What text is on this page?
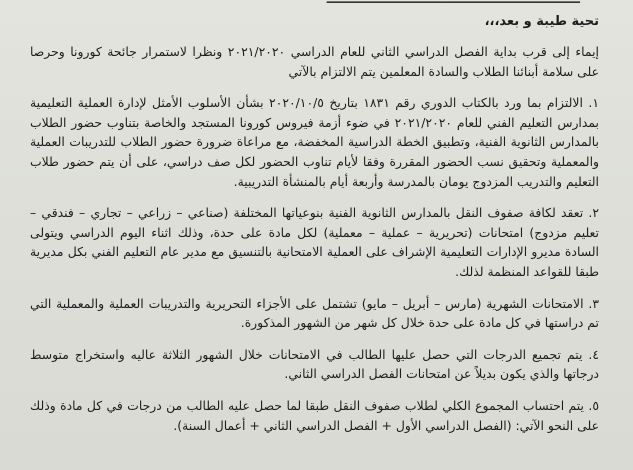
تحية طيبة و بعد،،،

إيماء إلى قرب بداية الفصل الدراسي الثاني للعام الدراسي ٢٠٢١/٢٠٢٠ ونظرا لاستمرار جائحة كورونا وحرصا على سلامة أبنائنا الطلاب والسادة المعلمين يتم الالتزام بالآتي

١. الالتزام بما ورد بالكتاب الدوري رقم ١٨٣١ بتاريخ ٢٠٢٠/١٠/٥ بشأن الأسلوب الأمثل لإدارة العملية التعليمية بمدارس التعليم الفني للعام ٢٠٢١/٢٠٢٠ في ضوء أزمة فيروس كورونا المستجد والخاصة بتناوب حضور الطلاب بالمدارس الثانوية الفنية، وتطبيق الخطة الدراسية المخفضة، مع مراعاة ضرورة حضور الطلاب للتدريبات العملية والمعملية وتحقيق نسب الحضور المقررة وفقا لأيام تناوب الحضور لكل صف دراسي، على أن يتم حضور طلاب التعليم والتدريب المزدوج يومان بالمدرسة وأربعة أيام بالمنشأة التدريبية.

٢. تعقد لكافة صفوف النقل بالمدارس الثانوية الفنية بنوعياتها المختلفة (صناعي – زراعي – تجاري – فندقي –تعليم مزدوج) امتحانات (تحريرية – عملية – معملية) لكل مادة على حدة، وذلك اثناء اليوم الدراسي ويتولى السادة مديرو الإدارات التعليمية الإشراف على العملية الامتحانية بالتنسيق مع مدير عام التعليم الفني بكل مديرية طبقا للقواعد المنظمة لذلك.

٣. الامتحانات الشهرية (مارس – أبريل – مايو) تشتمل على الأجزاء التحريرية والتدريبات العملية والمعملية التي تم دراستها في كل مادة على حدة خلال كل شهر من الشهور المذكورة.

٤. يتم تجميع الدرجات التي حصل عليها الطالب في الامتحانات خلال الشهور الثلاثة عاليه واستخراج متوسط درجاتها والذي يكون بديلاً عن امتحانات الفصل الدراسي الثاني.

٥. يتم احتساب المجموع الكلي لطلاب صفوف النقل طبقا لما حصل عليه الطالب من درجات في كل مادة وذلك على النحو الآتي: (الفصل الدراسي الأول + الفصل الدراسي الثاني + أعمال السنة).
